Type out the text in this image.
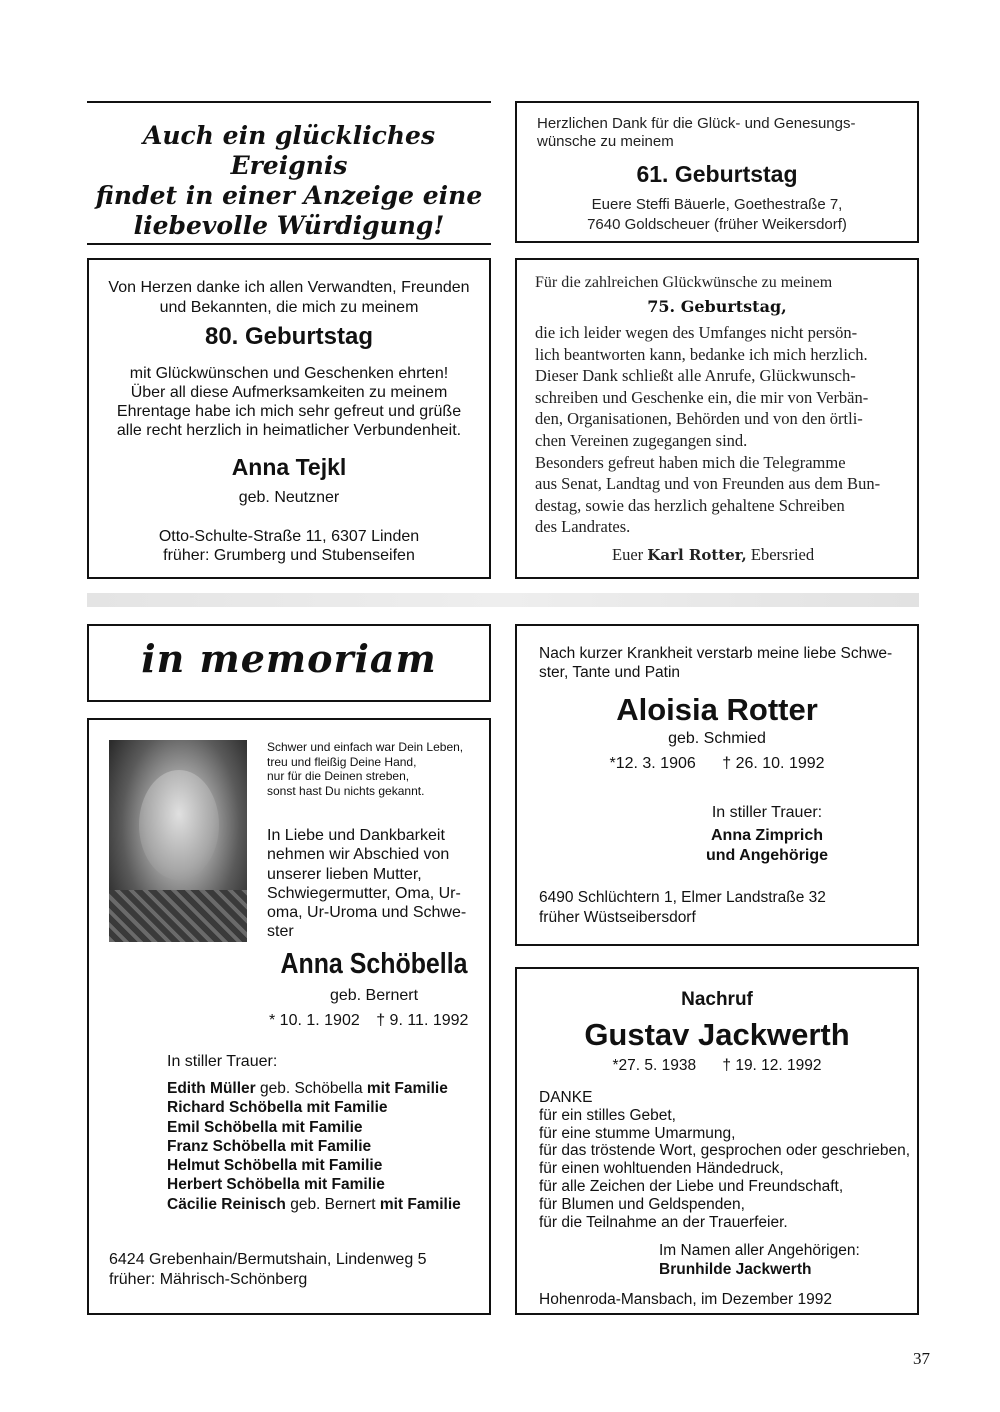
Auch ein glückliches Ereignis
findet in einer Anzeige eine
liebevolle Würdigung!
Herzlichen Dank für die Glück- und Genesungs-
wünsche zu meinem
61. Geburtstag
Euere Steffi Bäuerle, Goethestraße 7,
7640 Goldscheuer (früher Weikersdorf)
Von Herzen danke ich allen Verwandten, Freunden
und Bekannten, die mich zu meinem
80. Geburtstag
mit Glückwünschen und Geschenken ehrten!
Über all diese Aufmerksamkeiten zu meinem
Ehrentage habe ich mich sehr gefreut und grüße
alle recht herzlich in heimatlicher Verbundenheit.
Anna Tejkl
geb. Neutzner
Otto-Schulte-Straße 11, 6307 Linden
früher: Grumberg und Stubenseifen
Für die zahlreichen Glückwünsche zu meinem
75. Geburtstag,
die ich leider wegen des Umfanges nicht persön-
lich beantworten kann, bedanke ich mich herzlich.
Dieser Dank schließt alle Anrufe, Glückwunsch-
schreiben und Geschenke ein, die mir von Verbän-
den, Organisationen, Behörden und von den örtli-
chen Vereinen zugegangen sind.
Besonders gefreut haben mich die Telegramme
aus Senat, Landtag und von Freunden aus dem Bun-
destag, sowie das herzlich gehaltene Schreiben
des Landrates.
Euer Karl Rotter, Ebersried
in memoriam
Schwer und einfach war Dein Leben,
treu und fleißig Deine Hand,
nur für die Deinen streben,
sonst hast Du nichts gekannt.
In Liebe und Dankbarkeit
nehmen wir Abschied von
unserer lieben Mutter,
Schwiegermutter, Oma, Ur-
oma, Ur-Uroma und Schwe-
ster
Anna Schöbella
geb. Bernert
* 10. 1. 1902 † 9. 11. 1992
In stiller Trauer:
Edith Müller geb. Schöbella mit Familie
Richard Schöbella mit Familie
Emil Schöbella mit Familie
Franz Schöbella mit Familie
Helmut Schöbella mit Familie
Herbert Schöbella mit Familie
Cäcilie Reinisch geb. Bernert mit Familie
6424 Grebenhain/Bermutshain, Lindenweg 5
früher: Mährisch-Schönberg
Nach kurzer Krankheit verstarb meine liebe Schwe-
ster, Tante und Patin
Aloisia Rotter
geb. Schmied
*12. 3. 1906 † 26. 10. 1992
In stiller Trauer:
Anna Zimprich
und Angehörige
6490 Schlüchtern 1, Elmer Landstraße 32
früher Wüstseibersdorf
Nachruf
Gustav Jackwerth
*27. 5. 1938 † 19. 12. 1992
DANKE
für ein stilles Gebet,
für eine stumme Umarmung,
für das tröstende Wort, gesprochen oder geschrieben,
für einen wohltuenden Händedruck,
für alle Zeichen der Liebe und Freundschaft,
für Blumen und Geldspenden,
für die Teilnahme an der Trauerfeier.
Im Namen aller Angehörigen:
Brunhilde Jackwerth
Hohenroda-Mansbach, im Dezember 1992
37
